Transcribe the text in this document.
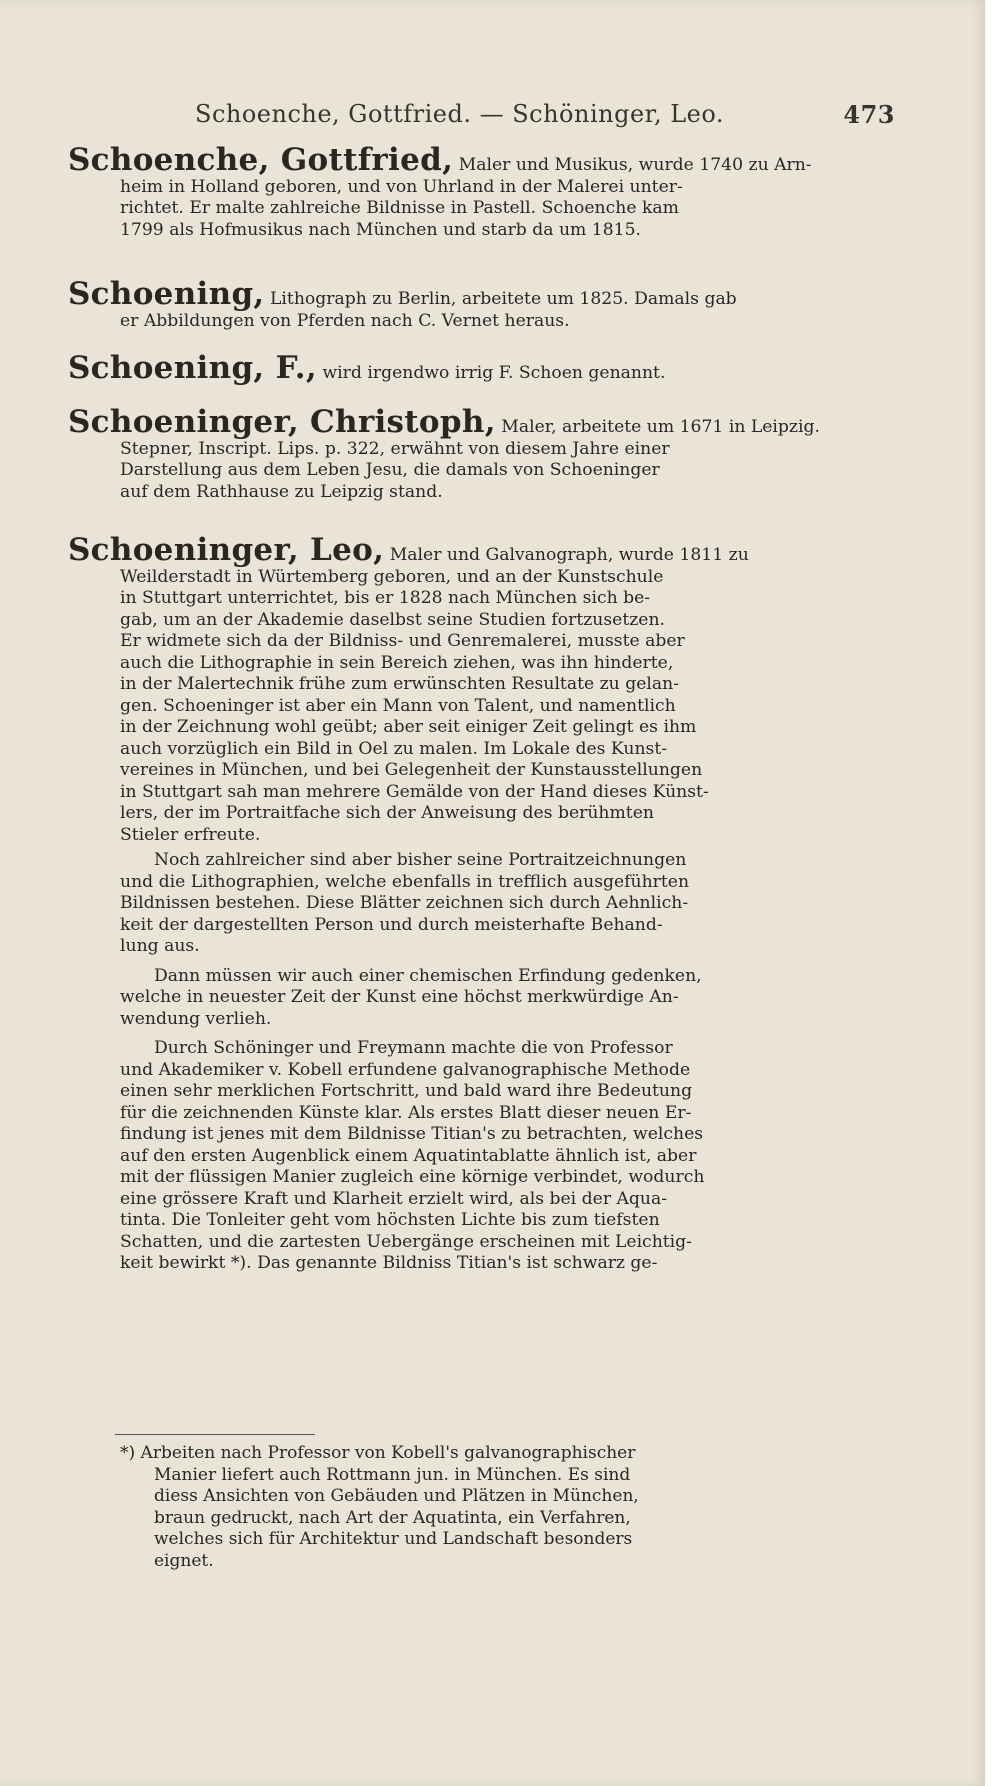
Schoenche, Gottfried. — Schöninger, Leo.	473

Schoenche, Gottfried, Maler und Musikus, wurde 1740 zu Arn-
heim in Holland geboren, und von Uhrland in der Malerei unter-
richtet. Er malte zahlreiche Bildnisse in Pastell. Schoenche kam
1799 als Hofmusikus nach München und starb da um 1815.

Schoening, Lithograph zu Berlin, arbeitete um 1825. Damals gab
er Abbildungen von Pferden nach C. Vernet heraus.

Schoening, F., wird irgendwo irrig F. Schoen genannt.

Schoeninger, Christoph, Maler, arbeitete um 1671 in Leipzig.
Stepner, Inscript. Lips. p. 322, erwähnt von diesem Jahre einer
Darstellung aus dem Leben Jesu, die damals von Schoeninger
auf dem Rathhause zu Leipzig stand.

Schoeninger, Leo, Maler und Galvanograph, wurde 1811 zu
Weilderstadt in Würtemberg geboren, und an der Kunstschule
in Stuttgart unterrichtet, bis er 1828 nach München sich be-
gab, um an der Akademie daselbst seine Studien fortzusetzen.
Er widmete sich da der Bildniss- und Genremalerei, musste aber
auch die Lithographie in sein Bereich ziehen, was ihn hinderte,
in der Malertechnik frühe zum erwünschten Resultate zu gelan-
gen. Schoeninger ist aber ein Mann von Talent, und namentlich
in der Zeichnung wohl geübt; aber seit einiger Zeit gelingt es ihm
auch vorzüglich ein Bild in Oel zu malen. Im Lokale des Kunst-
vereines in München, und bei Gelegenheit der Kunstausstellungen
in Stuttgart sah man mehrere Gemälde von der Hand dieses Künst-
lers, der im Portraitfache sich der Anweisung des berühmten
Stieler erfreute.

Noch zahlreicher sind aber bisher seine Portraitzeichnungen
und die Lithographien, welche ebenfalls in trefflich ausgeführten
Bildnissen bestehen. Diese Blätter zeichnen sich durch Aehnlich-
keit der dargestellten Person und durch meisterhafte Behand-
lung aus.

Dann müssen wir auch einer chemischen Erfindung gedenken,
welche in neuester Zeit der Kunst eine höchst merkwürdige An-
wendung verlieh.

Durch Schöninger und Freymann machte die von Professor
und Akademiker v. Kobell erfundene galvanographische Methode
einen sehr merklichen Fortschritt, und bald ward ihre Bedeutung
für die zeichnenden Künste klar. Als erstes Blatt dieser neuen Er-
findung ist jenes mit dem Bildnisse Titian's zu betrachten, welches
auf den ersten Augenblick einem Aquatintablatte ähnlich ist, aber
mit der flüssigen Manier zugleich eine körnige verbindet, wodurch
eine grössere Kraft und Klarheit erzielt wird, als bei der Aqua-
tinta. Die Tonleiter geht vom höchsten Lichte bis zum tiefsten
Schatten, und die zartesten Uebergänge erscheinen mit Leichtig-
keit bewirkt *). Das genannte Bildniss Titian's ist schwarz ge-

*) Arbeiten nach Professor von Kobell's galvanographischer
Manier liefert auch Rottmann jun. in München. Es sind
diess Ansichten von Gebäuden und Plätzen in München,
braun gedruckt, nach Art der Aquatinta, ein Verfahren,
welches sich für Architektur und Landschaft besonders
eignet.
